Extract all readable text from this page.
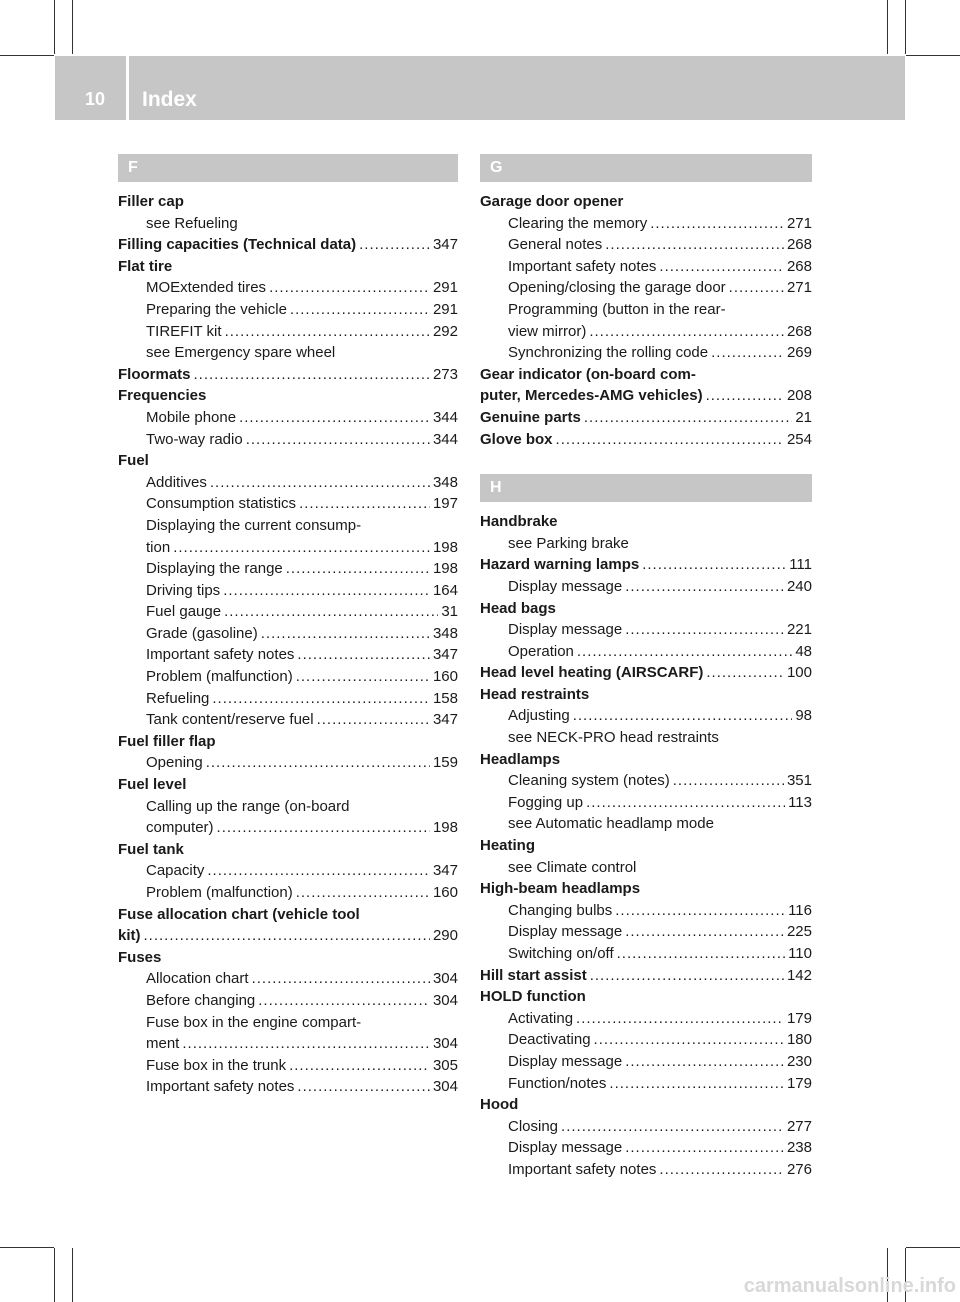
10 Index
F
Filler cap
see Refueling
Filling capacities (Technical data) .....	347
Flat tire
MOExtended tires .....	291
Preparing the vehicle .....	291
TIREFIT kit .....	292
see Emergency spare wheel
Floormats .....	273
Frequencies
Mobile phone .....	344
Two-way radio .....	344
Fuel
Additives .....	348
Consumption statistics .....	197
Displaying the current consump-
tion .....	198
Displaying the range .....	198
Driving tips .....	164
Fuel gauge .....	31
Grade (gasoline) .....	348
Important safety notes .....	347
Problem (malfunction) .....	160
Refueling .....	158
Tank content/reserve fuel .....	347
Fuel filler flap
Opening .....	159
Fuel level
Calling up the range (on-board
computer) .....	198
Fuel tank
Capacity .....	347
Problem (malfunction) .....	160
Fuse allocation chart (vehicle tool
kit) .....	290
Fuses
Allocation chart .....	304
Before changing .....	304
Fuse box in the engine compart-
ment .....	304
Fuse box in the trunk .....	305
Important safety notes .....	304
G
Garage door opener
Clearing the memory .....	271
General notes .....	268
Important safety notes .....	268
Opening/closing the garage door .....	271
Programming (button in the rear-
view mirror) .....	268
Synchronizing the rolling code .....	269
Gear indicator (on-board com-
puter, Mercedes-AMG vehicles) .....	208
Genuine parts .....	21
Glove box .....	254
H
Handbrake
see Parking brake
Hazard warning lamps .....	111
Display message .....	240
Head bags
Display message .....	221
Operation .....	48
Head level heating (AIRSCARF) .....	100
Head restraints
Adjusting .....	98
see NECK-PRO head restraints
Headlamps
Cleaning system (notes) .....	351
Fogging up .....	113
see Automatic headlamp mode
Heating
see Climate control
High-beam headlamps
Changing bulbs .....	116
Display message .....	225
Switching on/off .....	110
Hill start assist .....	142
HOLD function
Activating .....	179
Deactivating .....	180
Display message .....	230
Function/notes .....	179
Hood
Closing .....	277
Display message .....	238
Important safety notes .....	276
carmanualsonline.info
